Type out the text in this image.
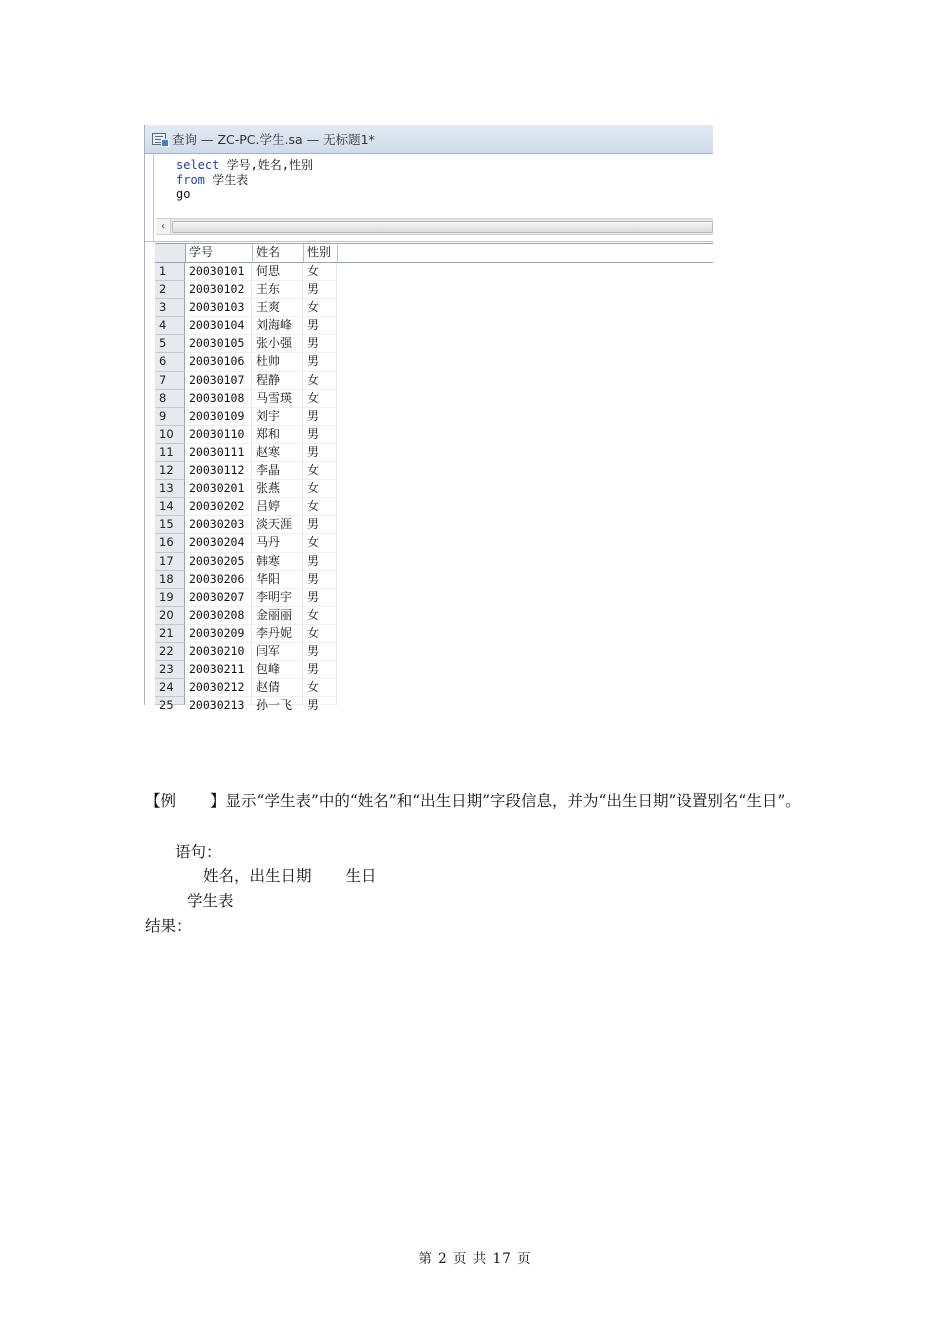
查询 — ZC-PC.学生.sa — 无标题1*
select 学号,姓名,性别
from 学生表
go
‹
学号	姓名	性别
1	20030101 何思	女
2	20030102 王东	男
3	20030103 王爽	女
4	20030104 刘海峰	男
5	20030105 张小强	男
6	20030106 杜帅	男
7	20030107 程静	女
8	20030108 马雪瑛	女
9	20030109 刘宇	男
10	20030110 郑和	男
11	20030111 赵寒	男
12	20030112 李晶	女
13	20030201 张燕	女
14	20030202 吕婷	女
15	20030203 淡天涯	男
16	20030204 马丹	女
17	20030205 韩寒	男
18	20030206 华阳	男
19	20030207 李明宇	男
20	20030208 金丽丽	女
21	20030209 李丹妮	女
22	20030210 闫军	男
23	20030211 包峰	男
24	20030212 赵倩	女
25	20030213 孙一飞	男
【例 】显示“学生表”中的“姓名”和“出生日期”字段信息，并为“出生日期”设置别名“生日”。
语句：
姓名，出生日期 生日
学生表
结果：
第 2 页 共 17 页
